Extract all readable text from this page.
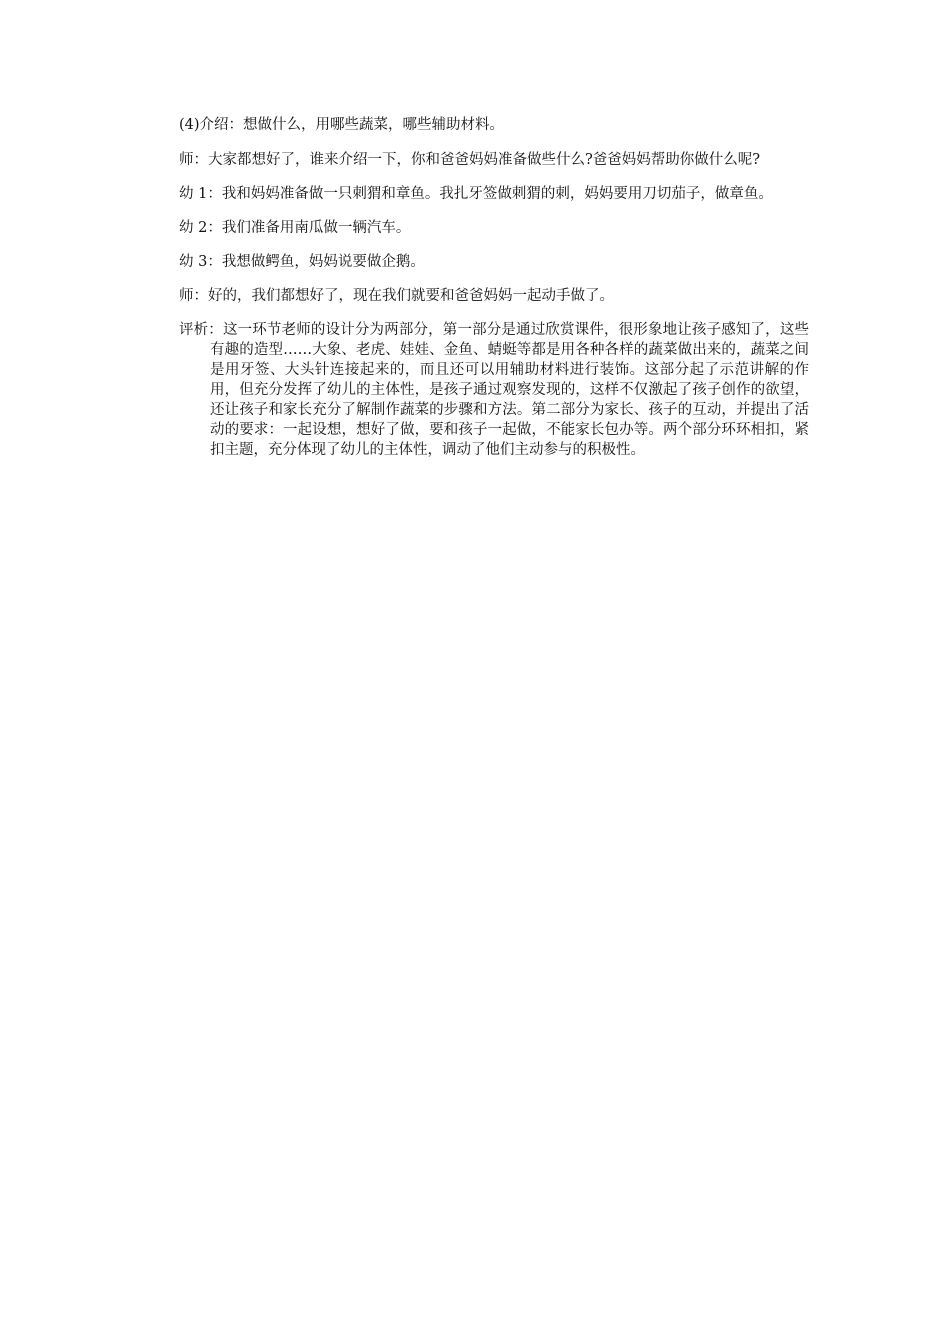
(4)介绍：想做什么，用哪些蔬菜，哪些辅助材料。

师：大家都想好了，谁来介绍一下，你和爸爸妈妈准备做些什么?爸爸妈妈帮助你做什么呢?

幼 1：我和妈妈准备做一只刺猬和章鱼。我扎牙签做刺猬的刺，妈妈要用刀切茄子，做章鱼。

幼 2：我们准备用南瓜做一辆汽车。

幼 3：我想做鳄鱼，妈妈说要做企鹅。

师：好的，我们都想好了，现在我们就要和爸爸妈妈一起动手做了。

评析：这一环节老师的设计分为两部分，第一部分是通过欣赏课件，很形象地让孩子感知了，这些有趣的造型……大象、老虎、娃娃、金鱼、蜻蜓等都是用各种各样的蔬菜做出来的，蔬菜之间是用牙签、大头针连接起来的，而且还可以用辅助材料进行装饰。这部分起了示范讲解的作用，但充分发挥了幼儿的主体性，是孩子通过观察发现的，这样不仅激起了孩子创作的欲望，还让孩子和家长充分了解制作蔬菜的步骤和方法。第二部分为家长、孩子的互动，并提出了活动的要求：一起设想，想好了做，要和孩子一起做，不能家长包办等。两个部分环环相扣，紧扣主题，充分体现了幼儿的主体性，调动了他们主动参与的积极性。
